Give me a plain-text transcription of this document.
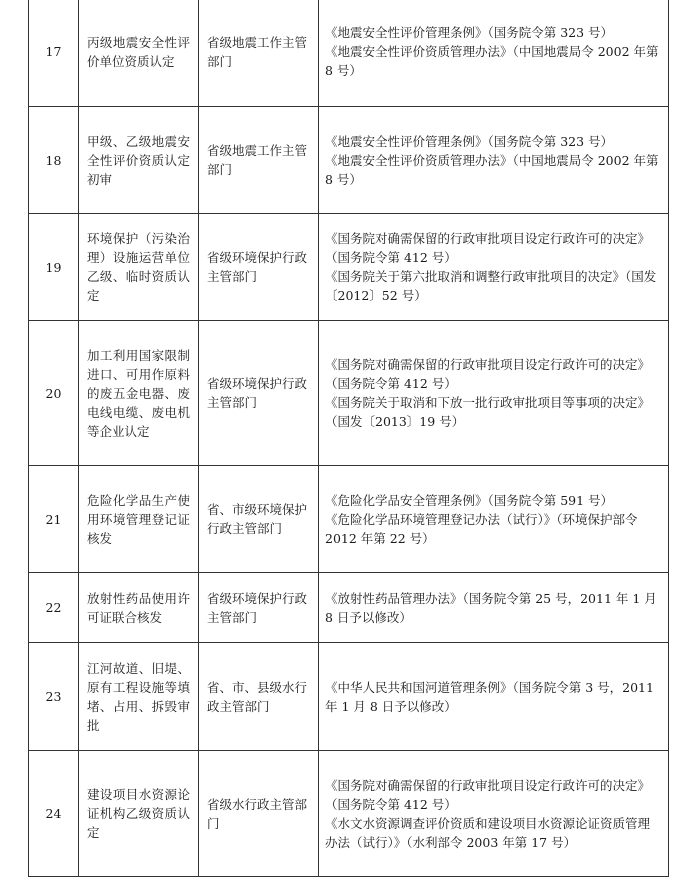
17	丙级地震安全性评价单位资质认定	省级地震工作主管部门	《地震安全性评价管理条例》（国务院令第 323 号）
《地震安全性评价资质管理办法》（中国地震局令 2002 年第 8 号）

18	甲级、乙级地震安全性评价资质认定初审	省级地震工作主管部门	《地震安全性评价管理条例》（国务院令第 323 号）
《地震安全性评价资质管理办法》（中国地震局令 2002 年第 8 号）

19	环境保护（污染治理）设施运营单位乙级、临时资质认定	省级环境保护行政主管部门	《国务院对确需保留的行政审批项目设定行政许可的决定》（国务院令第 412 号）
《国务院关于第六批取消和调整行政审批项目的决定》（国发〔2012〕52 号）

20	加工利用国家限制进口、可用作原料的废五金电器、废电线电缆、废电机等企业认定	省级环境保护行政主管部门	《国务院对确需保留的行政审批项目设定行政许可的决定》（国务院令第 412 号）
《国务院关于取消和下放一批行政审批项目等事项的决定》（国发〔2013〕19 号）

21	危险化学品生产使用环境管理登记证核发	省、市级环境保护行政主管部门	《危险化学品安全管理条例》（国务院令第 591 号）
《危险化学品环境管理登记办法（试行）》（环境保护部令 2012 年第 22 号）

22	放射性药品使用许可证联合核发	省级环境保护行政主管部门	《放射性药品管理办法》（国务院令第 25 号，2011 年 1 月 8 日予以修改）

23	江河故道、旧堤、原有工程设施等填堵、占用、拆毁审批	省、市、县级水行政主管部门	《中华人民共和国河道管理条例》（国务院令第 3 号，2011 年 1 月 8 日予以修改）

24	建设项目水资源论证机构乙级资质认定	省级水行政主管部门	《国务院对确需保留的行政审批项目设定行政许可的决定》（国务院令第 412 号）
《水文水资源调查评价资质和建设项目水资源论证资质管理办法（试行）》（水利部令 2003 年第 17 号）
